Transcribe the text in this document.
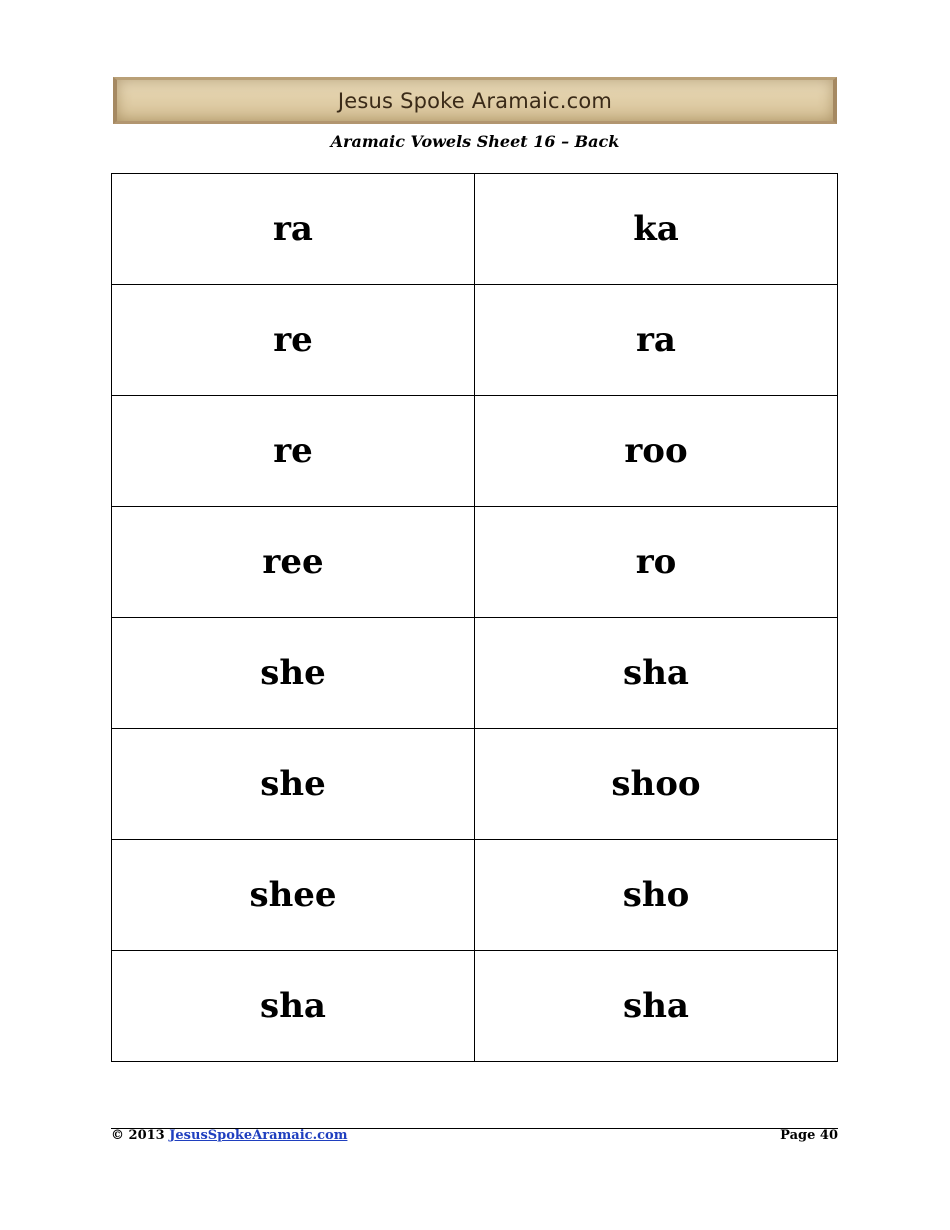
Jesus Spoke Aramaic.com
Aramaic Vowels Sheet 16 – Back
ra	ka
re	ra
re	roo
ree	ro
she	sha
she	shoo
shee	sho
sha	sha
© 2013 JesusSpokeAramaic.com	Page 40
